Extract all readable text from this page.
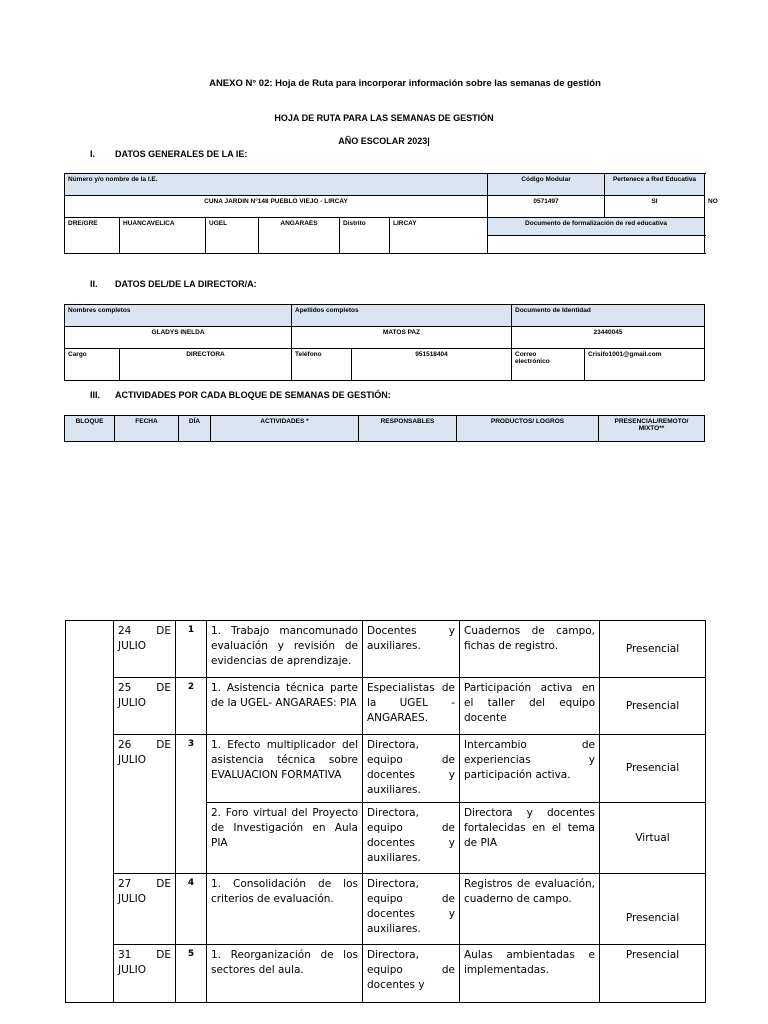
ANEXO N° 02: Hoja de Ruta para incorporar información sobre las semanas de gestión
HOJA DE RUTA PARA LAS SEMANAS DE GESTIÓN
AÑO ESCOLAR 2023|
I. DATOS GENERALES DE LA IE:
Número y/o nombre de la I.E.						Código Modular	Pertenece a Red Educativa	
CUNA JARDIN N°148 PUEBLO VIEJO - LIRCAY						0571497	SI	NO
DRE/GRE	HUANCAVELICA	UGEL	ANGARAES	Distrito	LIRCAY	Documento de formalización de red educativa		

II. DATOS DEL/DE LA DIRECTOR/A:
Nombres completos		Apellidos completos		Documento de Identidad	
GLADYS INELDA		MATOS PAZ		23440045	
Cargo	DIRECTORA	Teléfono	951518404	Correo
electrónico	Crisifo1001@gmail.com
III. ACTIVIDADES POR CADA BLOQUE DE SEMANAS DE GESTIÓN:
BLOQUE	FECHA	DÍA	ACTIVIDADES *	RESPONSABLES	PRODUCTOS/ LOGROS	PRESENCIAL/REMOTO/
MIXTO**
	24 DE JULIO	1	1. Trabajo mancomunado evaluación y revisión de evidencias de aprendizaje.	Docentes y auxiliares.	Cuadernos de campo, fichas de registro.	Presencial
	25 DE JULIO	2	1. Asistencia técnica parte de la UGEL- ANGARAES: PIA	Especialistas de la UGEL - ANGARAES.	Participación activa en el taller del equipo docente	Presencial
	26 DE JULIO	3	1. Efecto multiplicador del asistencia técnica sobre EVALUACION FORMATIVA	Directora, equipo de docentes y auxiliares.	Intercambio de experiencias y participación activa.	Presencial
			2. Foro virtual del Proyecto de Investigación en Aula PIA	Directora, equipo de docentes y auxiliares.	Directora y docentes fortalecidas en el tema de PIA	Virtual
	27 DE JULIO	4	1. Consolidación de los criterios de evaluación.	Directora, equipo de docentes y auxiliares.	Registros de evaluación, cuaderno de campo.	Presencial
	31 DE JULIO	5	1. Reorganización de los sectores del aula.	Directora, equipo de docentes y	Aulas ambientadas e implementadas.	Presencial
